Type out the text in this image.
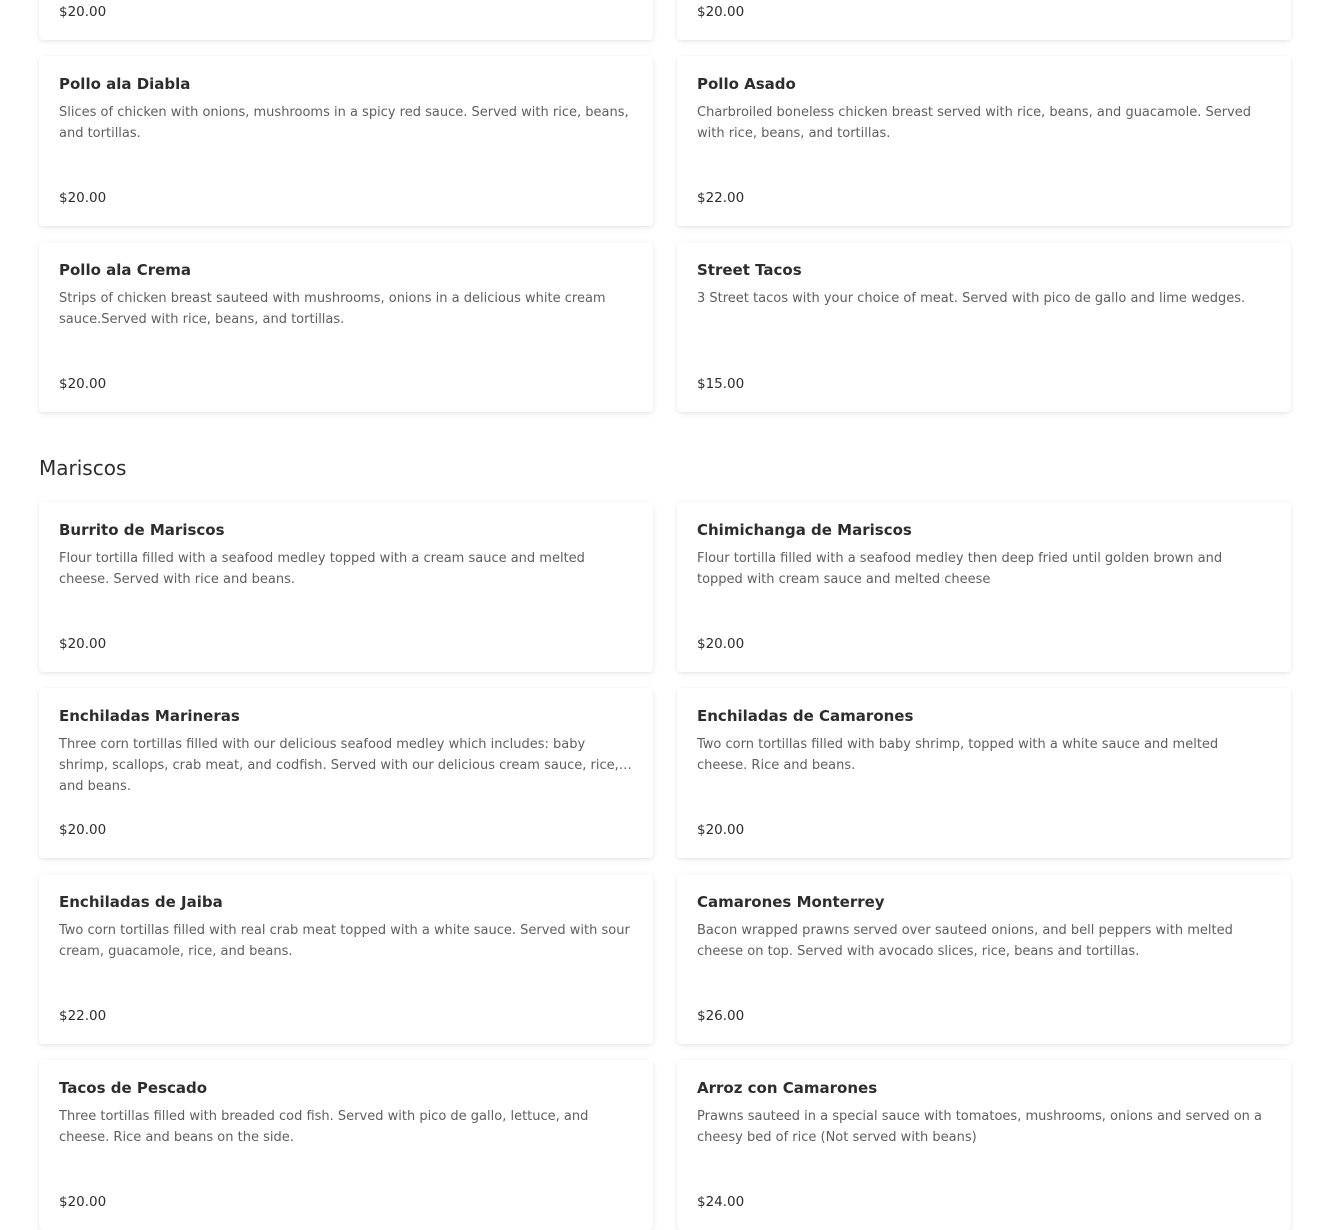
$20.00	$20.00
Pollo ala Diabla
Slices of chicken with onions, mushrooms in a spicy red sauce. Served with rice, beans, and tortillas.
$20.00
Pollo Asado
Charbroiled boneless chicken breast served with rice, beans, and guacamole. Served with rice, beans, and tortillas.
$22.00
Pollo ala Crema
Strips of chicken breast sauteed with mushrooms, onions in a delicious white cream sauce.Served with rice, beans, and tortillas.
$20.00
Street Tacos
3 Street tacos with your choice of meat. Served with pico de gallo and lime wedges.
$15.00
Mariscos
Burrito de Mariscos
Flour tortilla filled with a seafood medley topped with a cream sauce and melted cheese. Served with rice and beans.
$20.00
Chimichanga de Mariscos
Flour tortilla filled with a seafood medley then deep fried until golden brown and topped with cream sauce and melted cheese
$20.00
Enchiladas Marineras
Three corn tortillas filled with our delicious seafood medley which includes: baby shrimp, scallops, crab meat, and codfish. Served with our delicious cream sauce, rice, and beans.
$20.00
Enchiladas de Camarones
Two corn tortillas filled with baby shrimp, topped with a white sauce and melted cheese. Rice and beans.
$20.00
Enchiladas de Jaiba
Two corn tortillas filled with real crab meat topped with a white sauce. Served with sour cream, guacamole, rice, and beans.
$22.00
Camarones Monterrey
Bacon wrapped prawns served over sauteed onions, and bell peppers with melted cheese on top. Served with avocado slices, rice, beans and tortillas.
$26.00
Tacos de Pescado
Three tortillas filled with breaded cod fish. Served with pico de gallo, lettuce, and cheese. Rice and beans on the side.
$20.00
Arroz con Camarones
Prawns sauteed in a special sauce with tomatoes, mushrooms, onions and served on a cheesy bed of rice (Not served with beans)
$24.00
